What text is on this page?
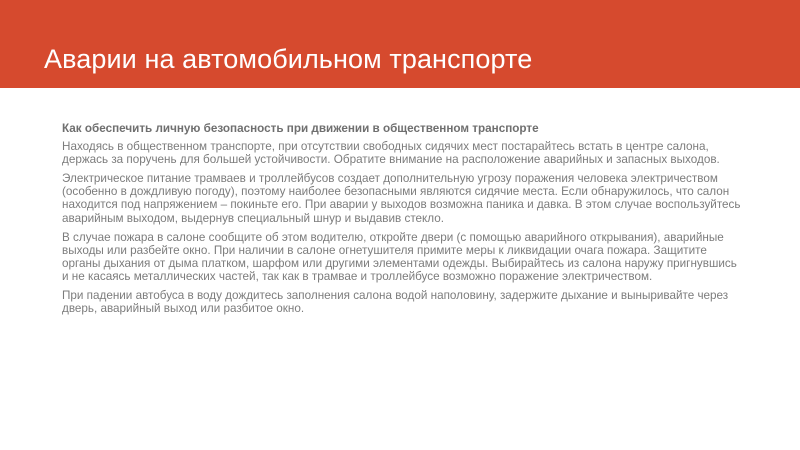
Аварии на автомобильном транспорте

Как обеспечить личную безопасность при движении в общественном транспорте

Находясь в общественном транспорте, при отсутствии свободных сидячих мест постарайтесь встать в центре салона, держась за поручень для большей устойчивости. Обратите внимание на расположение аварийных и запасных выходов.

Электрическое питание трамваев и троллейбусов создает дополнительную угрозу поражения человека электричеством (особенно в дождливую погоду), поэтому наиболее безопасными являются сидячие места. Если обнаружилось, что салон находится под напряжением – покиньте его. При аварии у выходов возможна паника и давка. В этом случае воспользуйтесь аварийным выходом, выдернув специальный шнур и выдавив стекло.

В случае пожара в салоне сообщите об этом водителю, откройте двери (с помощью аварийного открывания), аварийные выходы или разбейте окно. При наличии в салоне огнетушителя примите меры к ликвидации очага пожара. Защитите органы дыхания от дыма платком, шарфом или другими элементами одежды. Выбирайтесь из салона наружу пригнувшись и не касаясь металлических частей, так как в трамвае и троллейбусе возможно поражение электричеством.

При падении автобуса в воду дождитесь заполнения салона водой наполовину, задержите дыхание и выныривайте через дверь, аварийный выход или разбитое окно.
